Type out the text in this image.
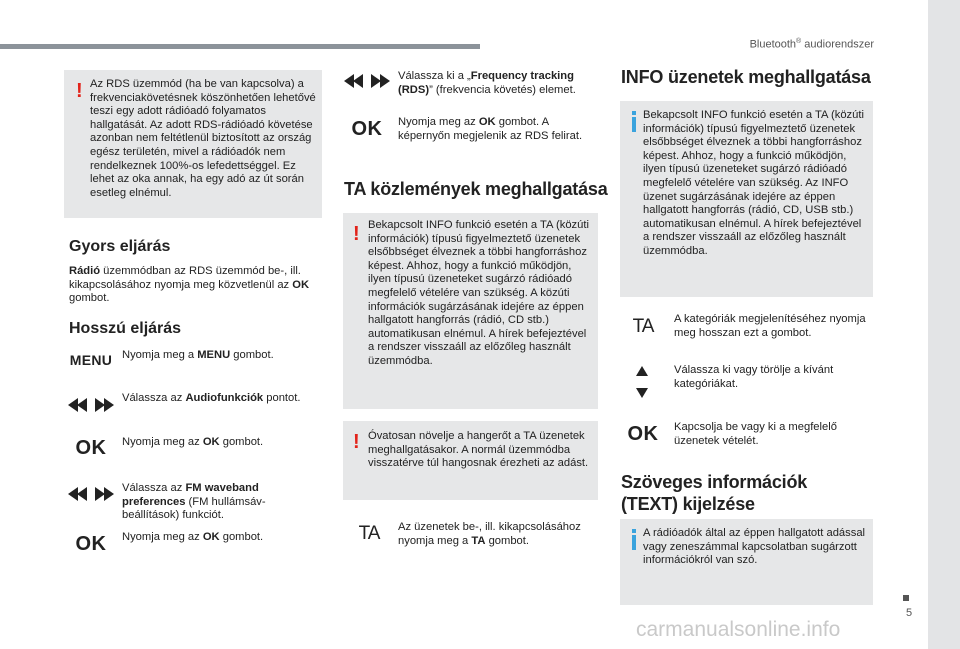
Bluetooth® audiorendszer
5
carmanualsonline.info
! Az RDS üzemmód (ha be van kapcsolva) a frekvenciakövetésnek köszönhetően lehetővé teszi egy adott rádióadó folyamatos hallgatását. Az adott RDS-rádióadó követése azonban nem feltétlenül biztosított az ország egész területén, mivel a rádióadók nem rendelkeznek 100%-os lefedettséggel. Ez lehet az oka annak, ha egy adó az út során esetleg elnémul.

Gyors eljárás

Rádió üzemmódban az RDS üzemmód be-, ill. kikapcsolásához nyomja meg közvetlenül az OK gombot.

Hosszú eljárás
MENU Nyomja meg a MENU gombot.

Válassza az Audiofunkciók pontot.

OK	Nyomja meg az OK gombot.

Válassza az FM waveband preferences (FM hullámsáv-beállítások) funkciót.

OK	Nyomja meg az OK gombot.

Válassza ki a „Frequency tracking (RDS)” (frekvencia követés) elemet.

OK	Nyomja meg az OK gombot. A képernyőn megjelenik az RDS felirat.

TA közlemények meghallgatása
! Bekapcsolt INFO funkció esetén a TA (közúti információk) típusú figyelmeztető üzenetek elsőbbséget élveznek a többi hangforráshoz képest. Ahhoz, hogy a funkció működjön, ilyen típusú üzeneteket sugárzó rádióadó megfelelő vételére van szükség. A közúti információk sugárzásának idejére az éppen hallgatott hangforrás (rádió, CD stb.) automatikusan elnémul. A hírek befejeztével a rendszer visszaáll az előzőleg használt üzemmódba.

! Óvatosan növelje a hangerőt a TA üzenetek meghallgatásakor. A normál üzemmódba visszatérve túl hangosnak érezheti az adást.

TA	Az üzenetek be-, ill. kikapcsolásához nyomja meg a TA gombot.

INFO üzenetek meghallgatása

Bekapcsolt INFO funkció esetén a TA (közúti információk) típusú figyelmeztető üzenetek elsőbbséget élveznek a többi hangforráshoz képest. Ahhoz, hogy a funkció működjön, ilyen típusú üzeneteket sugárzó rádióadó megfelelő vételére van szükség. Az INFO üzenet sugárzásának idejére az éppen hallgatott hangforrás (rádió, CD, USB stb.) automatikusan elnémul. A hírek befejeztével a rendszer visszaáll az előzőleg használt üzemmódba.

TA	A kategóriák megjelenítéséhez nyomja meg hosszan ezt a gombot.

Válassza ki vagy törölje a kívánt kategóriákat.

OK	Kapcsolja be vagy ki a megfelelő üzenetek vételét.

Szöveges információk
(TEXT) kijelzése

A rádióadók által az éppen hallgatott adással vagy zeneszámmal kapcsolatban sugárzott információkról van szó.
